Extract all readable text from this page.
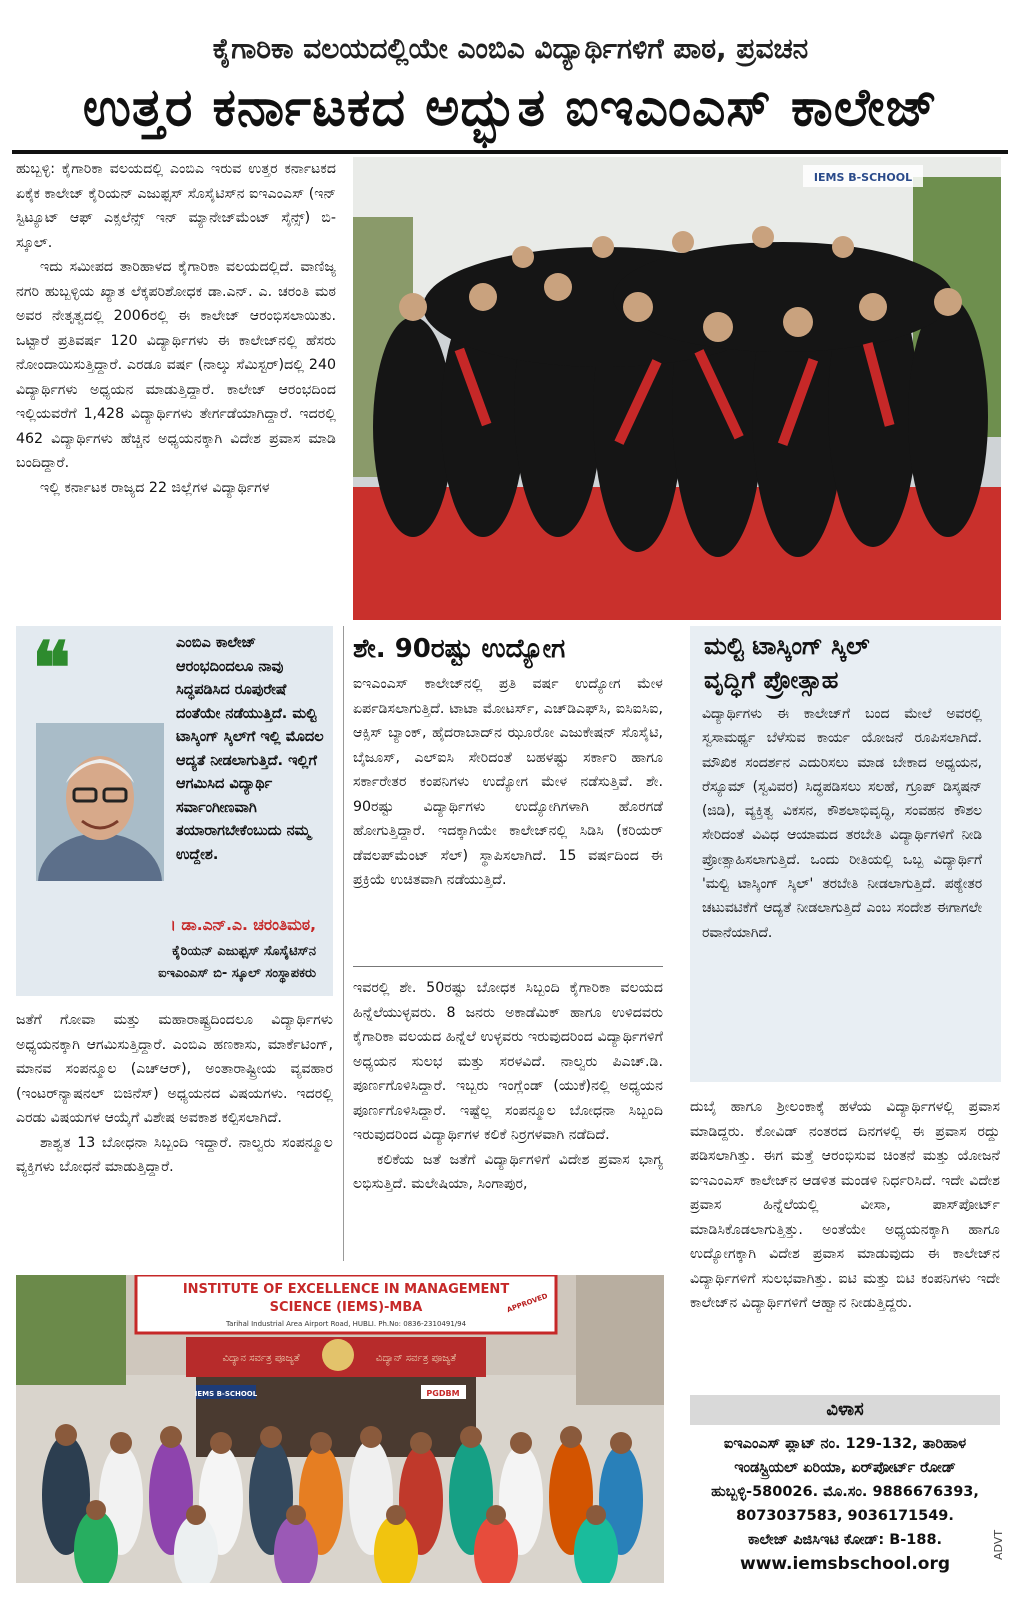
ಕೈಗಾರಿಕಾ ವಲಯದಲ್ಲಿಯೇ ಎಂಬಿಎ ವಿದ್ಯಾರ್ಥಿಗಳಿಗೆ ಪಾಠ, ಪ್ರವಚನ
ಉತ್ತರ ಕರ್ನಾಟಕದ ಅದ್ಭುತ ಐಇಎಂಎಸ್ ಕಾಲೇಜ್

ಹುಬ್ಬಳ್ಳಿ: ಕೈಗಾರಿಕಾ ವಲಯದಲ್ಲಿ ಎಂಬಿಎ ಇರುವ ಉತ್ತರ ಕರ್ನಾಟಕದ ಏಕೈಕ ಕಾಲೇಜ್ ಕೈರಿಯನ್ ಎಜುಫ್ಸಸ್ ಸೊಸೈಟಿಸ್‌ನ ಐಇಎಂಎಸ್ (ಇನ್ ಸ್ಟಿಟ್ಯೂಟ್ ಆಫ್ ಎಕ್ಸಲೆನ್ಸ್ ಇನ್ ಮ್ಯಾನೇಜ್‌ಮೆಂಟ್ ಸೈನ್ಸ್) ಬಿ- ಸ್ಕೂಲ್.

ಇದು ಸಮೀಪದ ತಾರಿಹಾಳದ ಕೈಗಾರಿಕಾ ವಲಯದಲ್ಲಿದೆ. ವಾಣಿಜ್ಯ ನಗರಿ ಹುಬ್ಬಳ್ಳಿಯ ಖ್ಯಾತ ಲೆಕ್ಕಪರಿಶೋಧಕ ಡಾ.ಎನ್. ಎ. ಚರಂತಿ ಮಠ ಅವರ ನೇತೃತ್ವದಲ್ಲಿ 2006ರಲ್ಲಿ ಈ ಕಾಲೇಜ್ ಆರಂಭಿಸಲಾಯಿತು. ಒಟ್ಟಾರೆ ಪ್ರತಿವರ್ಷ 120 ವಿದ್ಯಾರ್ಥಿಗಳು ಈ ಕಾಲೇಜ್‌ನಲ್ಲಿ ಹೆಸರು ನೋಂದಾಯಿಸುತ್ತಿದ್ದಾರೆ. ಎರಡೂ ವರ್ಷ (ನಾಲ್ಕು ಸೆಮಿಸ್ಟರ್)ದಲ್ಲಿ 240 ವಿದ್ಯಾರ್ಥಿಗಳು ಅಧ್ಯಯನ ಮಾಡುತ್ತಿದ್ದಾರೆ. ಕಾಲೇಜ್ ಆರಂಭದಿಂದ ಇಲ್ಲಿಯವರೆಗೆ 1,428 ವಿದ್ಯಾರ್ಥಿಗಳು ತೇರ್ಗಡೆಯಾಗಿದ್ದಾರೆ. ಇದರಲ್ಲಿ 462 ವಿದ್ಯಾರ್ಥಿಗಳು ಹೆಚ್ಚಿನ ಅಧ್ಯಯನಕ್ಕಾಗಿ ವಿದೇಶ ಪ್ರವಾಸ ಮಾಡಿ ಬಂದಿದ್ದಾರೆ.

ಇಲ್ಲಿ ಕರ್ನಾಟಕ ರಾಜ್ಯದ 22 ಜಿಲ್ಲೆಗಳ ವಿದ್ಯಾರ್ಥಿಗಳ

IEMS B-SCHOOL
❝	ಎಂಬಿಎ ಕಾಲೇಜ್ ಆರಂಭದಿಂದಲೂ ನಾವು ಸಿದ್ಧಪಡಿಸಿದ ರೂಪುರೇಷೆ ದಂತೆಯೇ ನಡೆಯುತ್ತಿದೆ. ಮಲ್ಟಿ ಟಾಸ್ಕಿಂಗ್ ಸ್ಕಿಲ್‌ಗೆ ಇಲ್ಲಿ ಮೊದಲ ಆದ್ಯತೆ ನೀಡಲಾಗುತ್ತಿದೆ. ಇಲ್ಲಿಗೆ ಆಗಮಿಸಿದ ವಿದ್ಯಾರ್ಥಿ ಸರ್ವಾಂಗೀಣವಾಗಿ ತಯಾರಾಗಬೇಕೆಂಬುದು ನಮ್ಮ ಉದ್ದೇಶ.
। ಡಾ.ಎನ್.ಎ. ಚರಂತಿಮಠ,
ಕೈರಿಯನ್ ಎಜುಫ್ಸಸ್ ಸೊಸೈಟಿಸ್‌ನ
ಐಇಎಂಎಸ್ ಬಿ- ಸ್ಕೂಲ್ ಸಂಸ್ಥಾಪಕರು

ಜತೆಗೆ ಗೋವಾ ಮತ್ತು ಮಹಾರಾಷ್ಟ್ರದಿಂದಲೂ ವಿದ್ಯಾರ್ಥಿಗಳು ಅಧ್ಯಯನಕ್ಕಾಗಿ ಆಗಮಿಸುತ್ತಿದ್ದಾರೆ. ಎಂಬಿಎ ಹಣಕಾಸು, ಮಾರ್ಕೆಟಿಂಗ್, ಮಾನವ ಸಂಪನ್ಮೂಲ (ಎಚ್‌ಆರ್), ಅಂತಾರಾಷ್ಟ್ರೀಯ ವ್ಯವಹಾರ (ಇಂಟರ್‌ನ್ಯಾಷನಲ್ ಬಿಜಿನೆಸ್) ಅಧ್ಯಯನದ ವಿಷಯಗಳು. ಇದರಲ್ಲಿ ಎರಡು ವಿಷಯಗಳ ಆಯ್ಕೆಗೆ ವಿಶೇಷ ಅವಕಾಶ ಕಲ್ಪಿಸಲಾಗಿದೆ.

ಶಾಶ್ವತ 13 ಬೋಧನಾ ಸಿಬ್ಬಂದಿ ಇದ್ದಾರೆ. ನಾಲ್ವರು ಸಂಪನ್ಮೂಲ ವ್ಯಕ್ತಿಗಳು ಬೋಧನೆ ಮಾಡುತ್ತಿದ್ದಾರೆ.

ಶೇ. 90ರಷ್ಟು ಉದ್ಯೋಗ

ಐಇಎಂಎಸ್ ಕಾಲೇಜ್‌ನಲ್ಲಿ ಪ್ರತಿ ವರ್ಷ ಉದ್ಯೋಗ ಮೇಳ ಏರ್ಪಡಿಸಲಾಗುತ್ತಿದೆ. ಟಾಟಾ ಮೋಟರ್ಸ್, ಎಚ್‌ಡಿಎಫ್‌ಸಿ, ಐಸಿಐಸಿಐ, ಆಕ್ಸಿಸ್ ಬ್ಯಾಂಕ್, ಹೈದರಾಬಾದ್‌ನ ಝೂರೋ ಎಜುಕೇಷನ್ ಸೊಸೈಟಿ, ಬೈಜೂಸ್, ಎಲ್‌ಐಸಿ ಸೇರಿದಂತೆ ಬಹಳಷ್ಟು ಸರ್ಕಾರಿ ಹಾಗೂ ಸರ್ಕಾರೇತರ ಕಂಪನಿಗಳು ಉದ್ಯೋಗ ಮೇಳ ನಡೆಸುತ್ತಿವೆ. ಶೇ. 90ರಷ್ಟು ವಿದ್ಯಾರ್ಥಿಗಳು ಉದ್ಯೋಗಿಗಳಾಗಿ ಹೊರಗಡೆ ಹೋಗುತ್ತಿದ್ದಾರೆ. ಇದಕ್ಕಾಗಿಯೇ ಕಾಲೇಜ್‌ನಲ್ಲಿ ಸಿಡಿಸಿ (ಕರಿಯರ್ ಡೆವಲಪ್‌ಮೆಂಟ್ ಸೆಲ್) ಸ್ಥಾಪಿಸಲಾಗಿದೆ. 15 ವರ್ಷದಿಂದ ಈ ಪ್ರಕ್ರಿಯೆ ಉಚಿತವಾಗಿ ನಡೆಯುತ್ತಿದೆ.

ಇವರಲ್ಲಿ ಶೇ. 50ರಷ್ಟು ಬೋಧಕ ಸಿಬ್ಬಂದಿ ಕೈಗಾರಿಕಾ ವಲಯದ ಹಿನ್ನೆಲೆಯುಳ್ಳವರು. 8 ಜನರು ಅಕಾಡೆಮಿಕ್ ಹಾಗೂ ಉಳಿದವರು ಕೈಗಾರಿಕಾ ವಲಯದ ಹಿನ್ನೆಲೆ ಉಳ್ಳವರು ಇರುವುದರಿಂದ ವಿದ್ಯಾರ್ಥಿಗಳಿಗೆ ಅಧ್ಯಯನ ಸುಲಭ ಮತ್ತು ಸರಳವಿದೆ. ನಾಲ್ವರು ಪಿಎಚ್.ಡಿ. ಪೂರ್ಣಗೊಳಿಸಿದ್ದಾರೆ. ಇಬ್ಬರು ಇಂಗ್ಲೆಂಡ್ (ಯುಕೆ)ನಲ್ಲಿ ಅಧ್ಯಯನ ಪೂರ್ಣಗೊಳಿಸಿದ್ದಾರೆ. ಇಷ್ಟೆಲ್ಲ ಸಂಪನ್ಮೂಲ ಬೋಧನಾ ಸಿಬ್ಬಂದಿ ಇರುವುದರಿಂದ ವಿದ್ಯಾರ್ಥಿಗಳ ಕಲಿಕೆ ನಿರ್ರಗಳವಾಗಿ ನಡೆದಿದೆ.

ಕಲಿಕೆಯ ಜತೆ ಜತೆಗೆ ವಿದ್ಯಾರ್ಥಿಗಳಿಗೆ ವಿದೇಶ ಪ್ರವಾಸ ಭಾಗ್ಯ ಲಭಿಸುತ್ತಿದೆ. ಮಲೇಷಿಯಾ, ಸಿಂಗಾಪುರ,

ಮಲ್ಟಿ ಟಾಸ್ಕಿಂಗ್ ಸ್ಕಿಲ್
ವೃದ್ಧಿಗೆ ಪ್ರೋತ್ಸಾಹ
ವಿದ್ಯಾರ್ಥಿಗಳು ಈ ಕಾಲೇಜ್‌ಗೆ ಬಂದ ಮೇಲೆ ಅವರಲ್ಲಿ ಸ್ವಸಾಮರ್ಥ್ಯ ಬೆಳೆಸುವ ಕಾರ್ಯ ಯೋಜನೆ ರೂಪಿಸಲಾಗಿದೆ. ಮೌಖಿಕ ಸಂದರ್ಶನ ಎದುರಿಸಲು ಮಾಡ ಬೇಕಾದ ಅಧ್ಯಯನ, ರೆಸ್ಯೂಮ್ (ಸ್ವವಿವರ) ಸಿದ್ಧಪಡಿಸಲು ಸಲಹೆ, ಗ್ರೂಪ್ ಡಿಸ್ಕಷನ್ (ಜಿಡಿ), ವ್ಯಕ್ತಿತ್ವ ವಿಕಸನ, ಕೌಶಲಾಭಿವೃದ್ಧಿ, ಸಂವಹನ ಕೌಶಲ ಸೇರಿದಂತೆ ವಿವಿಧ ಆಯಾಮದ ತರಬೇತಿ ವಿದ್ಯಾರ್ಥಿಗಳಿಗೆ ನೀಡಿ ಪ್ರೋತ್ಸಾಹಿಸಲಾಗುತ್ತಿದೆ. ಒಂದು ರೀತಿಯಲ್ಲಿ ಒಬ್ಬ ವಿದ್ಯಾರ್ಥಿಗೆ 'ಮಲ್ಟಿ ಟಾಸ್ಕಿಂಗ್ ಸ್ಕಿಲ್' ತರಬೇತಿ ನೀಡಲಾಗುತ್ತಿದೆ. ಪಠ್ಯೇತರ ಚಟುವಟಿಕೆಗೆ ಆದ್ಯತೆ ನೀಡಲಾಗುತ್ತಿದೆ ಎಂಬ ಸಂದೇಶ ಈಗಾಗಲೇ ರವಾನೆಯಾಗಿದೆ.

ದುಬೈ ಹಾಗೂ ಶ್ರೀಲಂಕಾಕ್ಕೆ ಹಳೆಯ ವಿದ್ಯಾರ್ಥಿಗಳಲ್ಲಿ ಪ್ರವಾಸ ಮಾಡಿದ್ದರು. ಕೋವಿಡ್ ನಂತರದ ದಿನಗಳಲ್ಲಿ ಈ ಪ್ರವಾಸ ರದ್ದು ಪಡಿಸಲಾಗಿತ್ತು. ಈಗ ಮತ್ತೆ ಆರಂಭಿಸುವ ಚಿಂತನೆ ಮತ್ತು ಯೋಜನೆ ಐಇಎಂಎಸ್ ಕಾಲೇಜ್‌ನ ಆಡಳಿತ ಮಂಡಳಿ ನಿರ್ಧರಿಸಿದೆ. ಇದೇ ವಿದೇಶ ಪ್ರವಾಸ ಹಿನ್ನೆಲೆಯಲ್ಲಿ ವೀಸಾ, ಪಾಸ್‌ಪೋರ್ಟ್ ಮಾಡಿಸಿಕೊಡಲಾಗುತ್ತಿತ್ತು. ಅಂತೆಯೇ ಅಧ್ಯಯನಕ್ಕಾಗಿ ಹಾಗೂ ಉದ್ಯೋಗಕ್ಕಾಗಿ ವಿದೇಶ ಪ್ರವಾಸ ಮಾಡುವುದು ಈ ಕಾಲೇಜ್‌ನ ವಿದ್ಯಾರ್ಥಿಗಳಿಗೆ ಸುಲಭವಾಗಿತ್ತು. ಐಟಿ ಮತ್ತು ಬಿಟಿ ಕಂಪನಿಗಳು ಇದೇ ಕಾಲೇಜ್‌ನ ವಿದ್ಯಾರ್ಥಿಗಳಿಗೆ ಆಹ್ವಾನ ನೀಡುತ್ತಿದ್ದರು.

ವಿಳಾಸ
ಐಇಎಂಎಸ್ ಪ್ಲಾಟ್ ನಂ. 129-132, ತಾರಿಹಾಳ
ಇಂಡಸ್ಟ್ರಿಯಲ್ ಏರಿಯಾ, ಏರ್‌ಪೋರ್ಟ್ ರೋಡ್
ಹುಬ್ಬಳ್ಳಿ-580026. ಮೊ.ಸಂ. 9886676393,
8073037583, 9036171549.
ಕಾಲೇಜ್ ಪಿಜಿಸಿಇಟಿ ಕೋಡ್: B-188.
www.iemsbschool.org
ADVT
INSTITUTE OF EXCELLENCE IN MANAGEMENT
SCIENCE (IEMS)-MBA
Tarihal Industrial Area Airport Road, HUBLI. Ph.No: 0836-2310491/94
APPROVED
ವಿದ್ಯಾನ ಸರ್ವತ್ರ ಪೂಜ್ಯತೆ	ವಿದ್ಯಾನ್ ಸರ್ವತ್ರ ಪೂಜ್ಯತೆ
IEMS B-SCHOOL	PGDBM
